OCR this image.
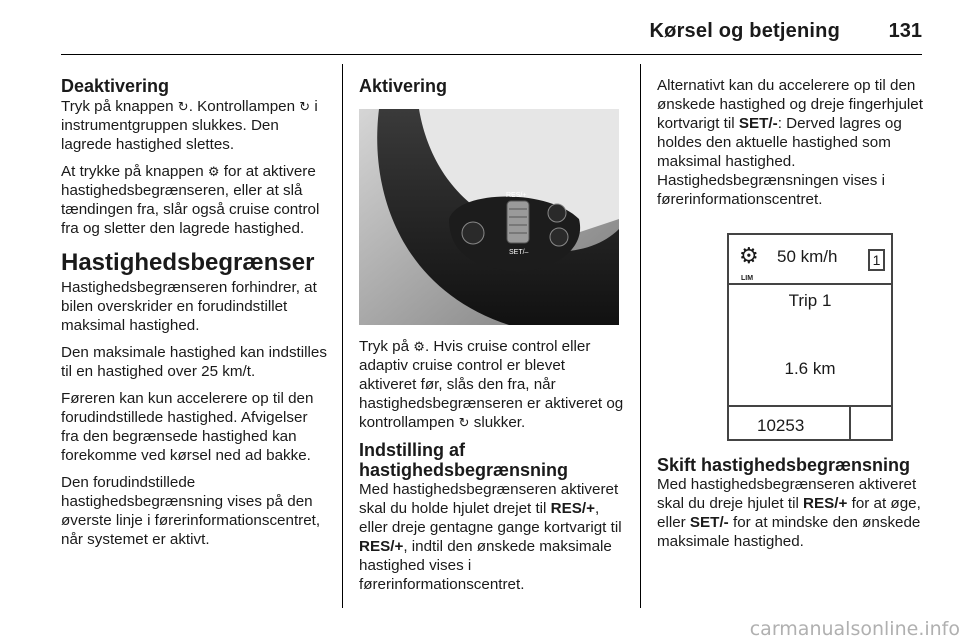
Kørsel og betjening	131
Deaktivering

Tryk på knappen ↻. Kontrollampen ↻ i instrumentgruppen slukkes. Den lagrede hastighed slettes.

At trykke på knappen ⚙ for at aktivere hastighedsbegrænseren, eller at slå tændingen fra, slår også cruise control fra og sletter den lagrede hastighed.

Hastighedsbegrænser

Hastighedsbegrænseren forhindrer, at bilen overskrider en forudindstillet maksimal hastighed.

Den maksimale hastighed kan indstilles til en hastighed over 25 km/t.

Føreren kan kun accelerere op til den forudindstillede hastighed. Afvigelser fra den begrænsede hastighed kan forekomme ved kørsel ned ad bakke.

Den forudindstillede hastighedsbegrænsning vises på den øverste linje i førerinformationscentret, når systemet er aktivt.

Aktivering
RES/+
SET/–

Tryk på ⚙. Hvis cruise control eller adaptiv cruise control er blevet aktiveret før, slås den fra, når hastighedsbegrænseren er aktiveret og kontrollampen ↻ slukker.

Indstilling af hastighedsbegrænsning

Med hastighedsbegrænseren aktiveret skal du holde hjulet drejet til RES/+, eller dreje gentagne gange kortvarigt til RES/+, indtil den ønskede maksimale hastighed vises i førerinformationscentret.

Alternativt kan du accelerere op til den ønskede hastighed og dreje fingerhjulet kortvarigt til SET/-: Derved lagres og holdes den aktuelle hastighed som maksimal hastighed. Hastighedsbegrænsningen vises i førerinformationscentret.

⚙
LIM
50 km/h	1
Trip 1
1.6 km
10253
Skift hastighedsbegrænsning

Med hastighedsbegrænseren aktiveret skal du dreje hjulet til RES/+ for at øge, eller SET/- for at mindske den ønskede maksimale hastighed.

carmanualsonline.info
